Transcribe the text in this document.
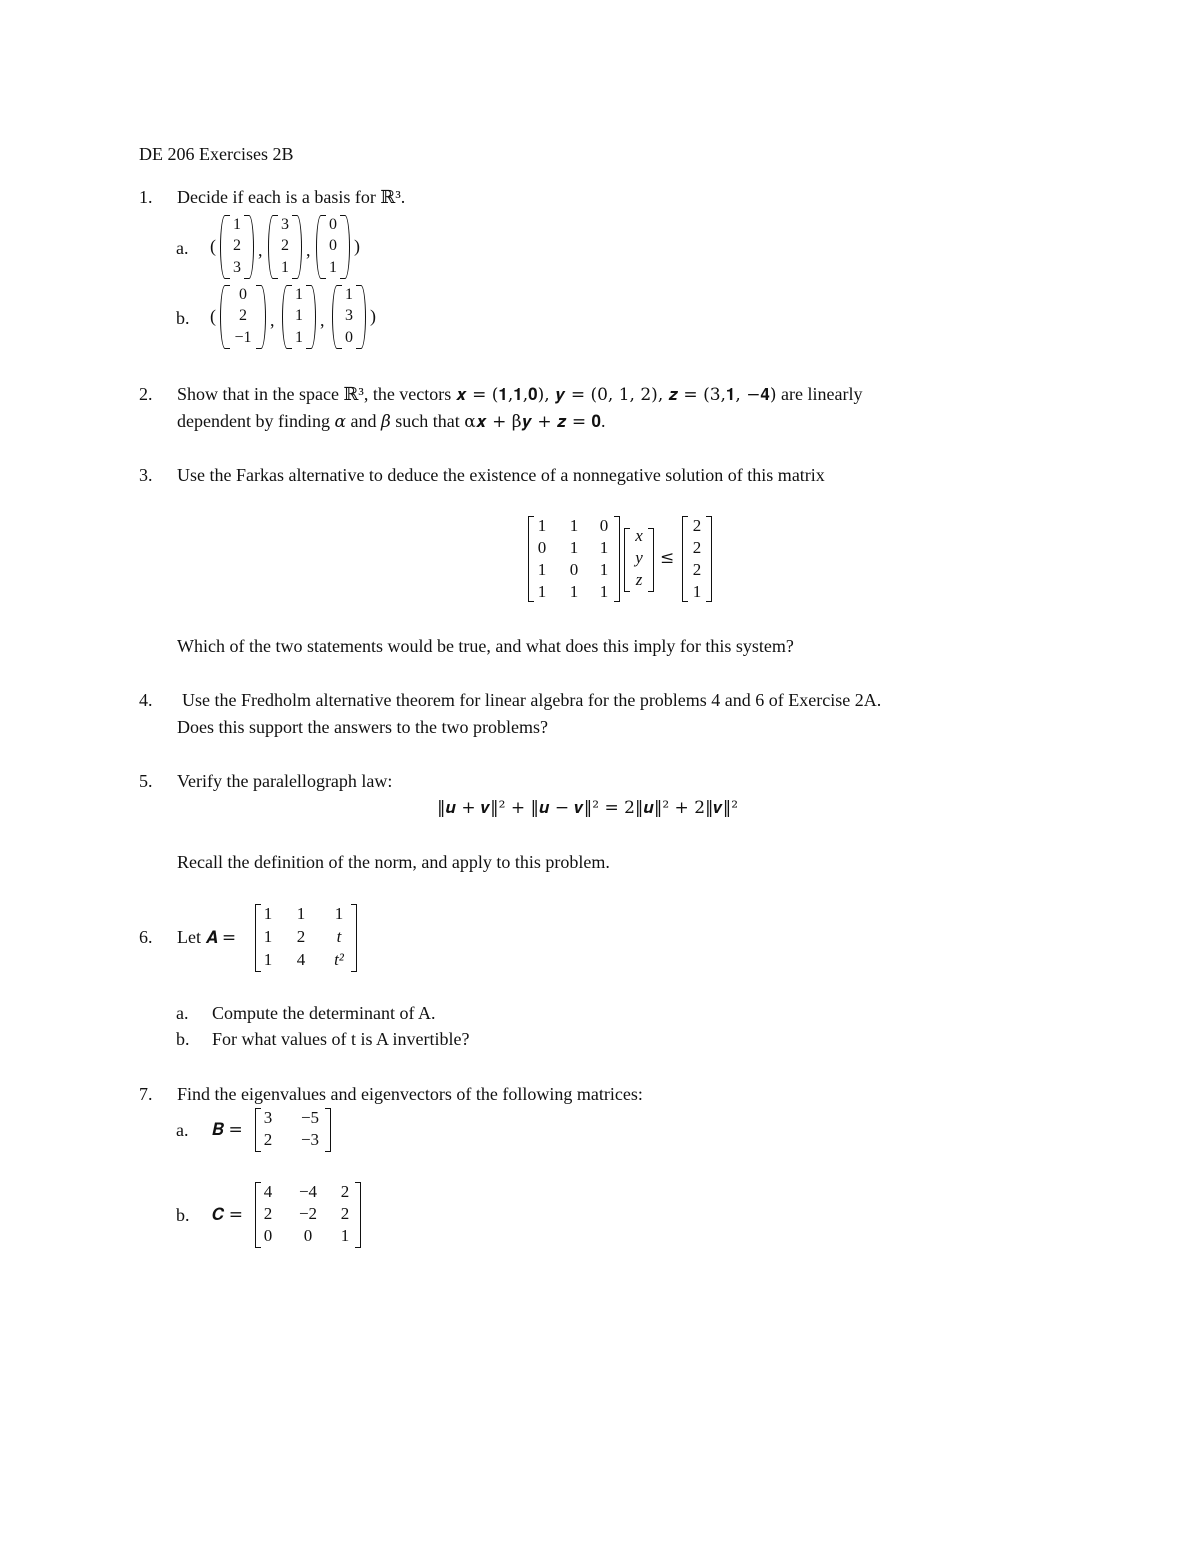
DE 206 Exercises 2B
1. Decide if each is a basis for ℝ³.
a. (
1
2
3
,
3
2
1
,
0
0
1
)
b. (
0
2
−1
,
1
1
1
,
1
3
0
)
2. Show that in the space ℝ³, the vectors 𝒙 = (𝟏,𝟏,𝟎), 𝒚 = (0, 1, 2), 𝒛 = (3,𝟏, −𝟒) are linearly
dependent by finding α and β such that α𝒙 + β𝒚 + 𝒛 = 𝟎.
3. Use the Farkas alternative to deduce the existence of a nonnegative solution of this matrix
1	1	0
0	1	1
1	0	1
1	1	1
x
y
z
≤
2
2
2
1
Which of the two statements would be true, and what does this imply for this system?
4. Use the Fredholm alternative theorem for linear algebra for the problems 4 and 6 of Exercise 2A.
Does this support the answers to the two problems?
5. Verify the paralellograph law:
‖𝒖 + 𝒗‖² + ‖𝒖 − 𝒗‖² = 2‖𝒖‖² + 2‖𝒗‖²
Recall the definition of the norm, and apply to this problem.
6. Let 𝑨 =
1	1	1
1	2	t
1	4	t²
a. Compute the determinant of A.
b. For what values of t is A invertible?
7. Find the eigenvalues and eigenvectors of the following matrices:
a. 𝑩 =
3	−5
2	−3
b. 𝑪 =
4	−4	2
2	−2	2
0	0	1
